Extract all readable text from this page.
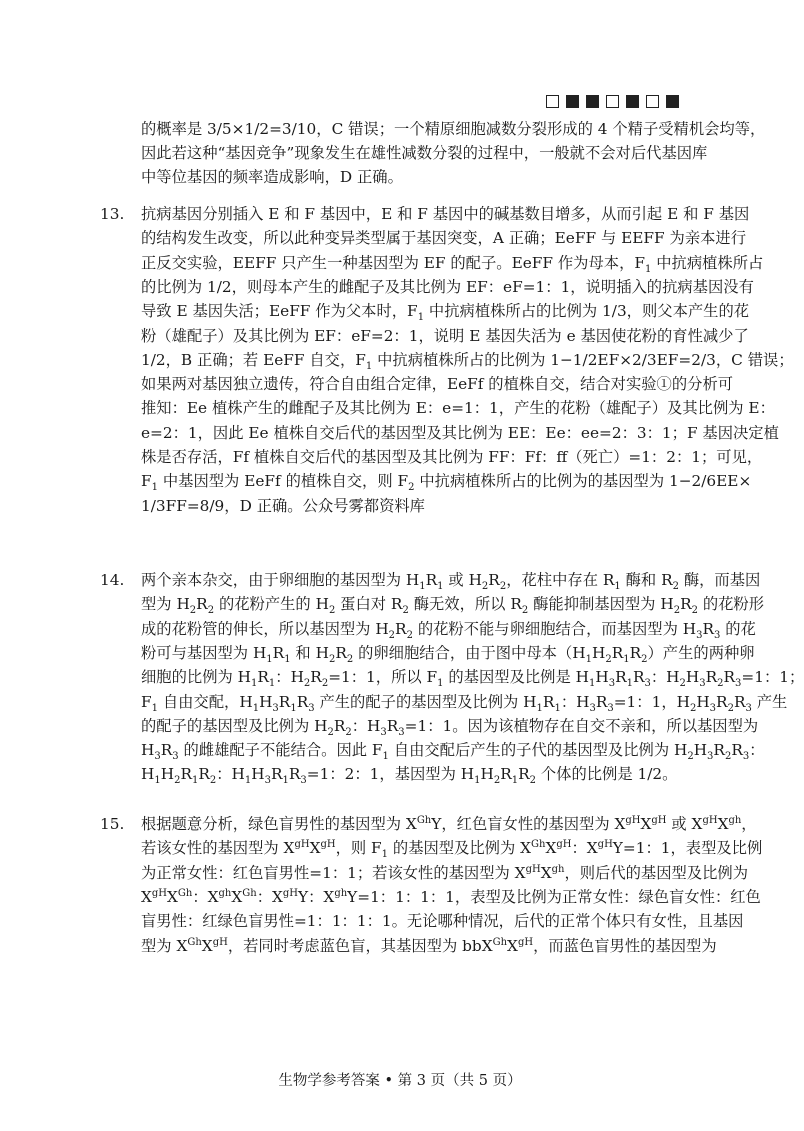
的概率是 3/5×1/2=3/10，C 错误；一个精原细胞减数分裂形成的 4 个精子受精机会均等，
因此若这种“基因竞争”现象发生在雄性减数分裂的过程中，一般就不会对后代基因库
中等位基因的频率造成影响，D 正确。
13. 抗病基因分别插入 E 和 F 基因中，E 和 F 基因中的碱基数目增多，从而引起 E 和 F 基因
的结构发生改变，所以此种变异类型属于基因突变，A 正确；EeFF 与 EEFF 为亲本进行
正反交实验，EEFF 只产生一种基因型为 EF 的配子。EeFF 作为母本，$F_1$ 中抗病植株所占
的比例为 1/2，则母本产生的雌配子及其比例为 EF：eF=1：1，说明插入的抗病基因没有
导致 E 基因失活；EeFF 作为父本时，$F_1$ 中抗病植株所占的比例为 1/3，则父本产生的花
粉（雄配子）及其比例为 EF：eF=2：1，说明 E 基因失活为 e 基因使花粉的育性减少了
1/2，B 正确；若 EeFF 自交，$F_1$ 中抗病植株所占的比例为 1−1/2EF×2/3EF=2/3，C 错误；
如果两对基因独立遗传，符合自由组合定律，EeFf 的植株自交，结合对实验①的分析可
推知：Ee 植株产生的雌配子及其比例为 E：e=1：1，产生的花粉（雄配子）及其比例为 E：
e=2：1，因此 Ee 植株自交后代的基因型及其比例为 EE：Ee：ee=2：3：1；F 基因决定植
株是否存活，Ff 植株自交后代的基因型及其比例为 FF：Ff：ff（死亡）=1：2：1；可见，
$F_1$ 中基因型为 EeFf 的植株自交，则 $F_2$ 中抗病植株所占的比例为的基因型为 1−2/6EE×
1/3FF=8/9，D 正确。公众号雾都资料库
14. 两个亲本杂交，由于卵细胞的基因型为 $H_1R_1$ 或 $H_2R_2$，花柱中存在 $R_1$ 酶和 $R_2$ 酶，而基因
型为 $H_2R_2$ 的花粉产生的 $H_2$ 蛋白对 $R_2$ 酶无效，所以 $R_2$ 酶能抑制基因型为 $H_2R_2$ 的花粉形
成的花粉管的伸长，所以基因型为 $H_2R_2$ 的花粉不能与卵细胞结合，而基因型为 $H_3R_3$ 的花
粉可与基因型为 $H_1R_1$ 和 $H_2R_2$ 的卵细胞结合，由于图中母本$(H_1H_2R_1R_2)$产生的两种卵
细胞的比例为 $H_1R_1$：$H_2R_2=1$：1，所以 $F_1$ 的基因型及比例是 $H_1H_3R_1R_3$：$H_2H_3R_2R_3=1$：1；
$F_1$ 自由交配，$H_1H_3R_1R_3$ 产生的配子的基因型及比例为 $H_1R_1$：$H_3R_3=1$：1，$H_2H_3R_2R_3$ 产生
的配子的基因型及比例为 $H_2R_2$：$H_3R_3=1$：1。因为该植物存在自交不亲和，所以基因型为
$H_3R_3$ 的雌雄配子不能结合。因此 $F_1$ 自由交配后产生的子代的基因型及比例为 $H_2H_3R_2R_3$：
$H_1H_2R_1R_2$：$H_1H_3R_1R_3=1$：2：1，基因型为 $H_1H_2R_1R_2$ 个体的比例是 1/2。
15. 根据题意分析，绿色盲男性的基因型为 $X^{Gh}Y$，红色盲女性的基因型为 $X^{gH}X^{gH}$ 或 $X^{gH}X^{gh}$，
若该女性的基因型为 $X^{gH}X^{gH}$，则 $F_1$ 的基因型及比例为 $X^{Gh}X^{gH}$：$X^{gH}Y=1$：1，表型及比例
为正常女性：红色盲男性=1：1；若该女性的基因型为 $X^{gH}X^{gh}$，则后代的基因型及比例为
$X^{gH}X^{Gh}$：$X^{gh}X^{Gh}$：$X^{gH}Y$：$X^{gh}Y=1$：1：1：1，表型及比例为正常女性：绿色盲女性：红色
盲男性：红绿色盲男性=1：1：1：1。无论哪种情况，后代的正常个体只有女性，且基因
型为 $X^{Gh}X^{gH}$，若同时考虑蓝色盲，其基因型为 $bbX^{Gh}X^{gH}$，而蓝色盲男性的基因型为
生物学参考答案 • 第 3 页（共 5 页）
